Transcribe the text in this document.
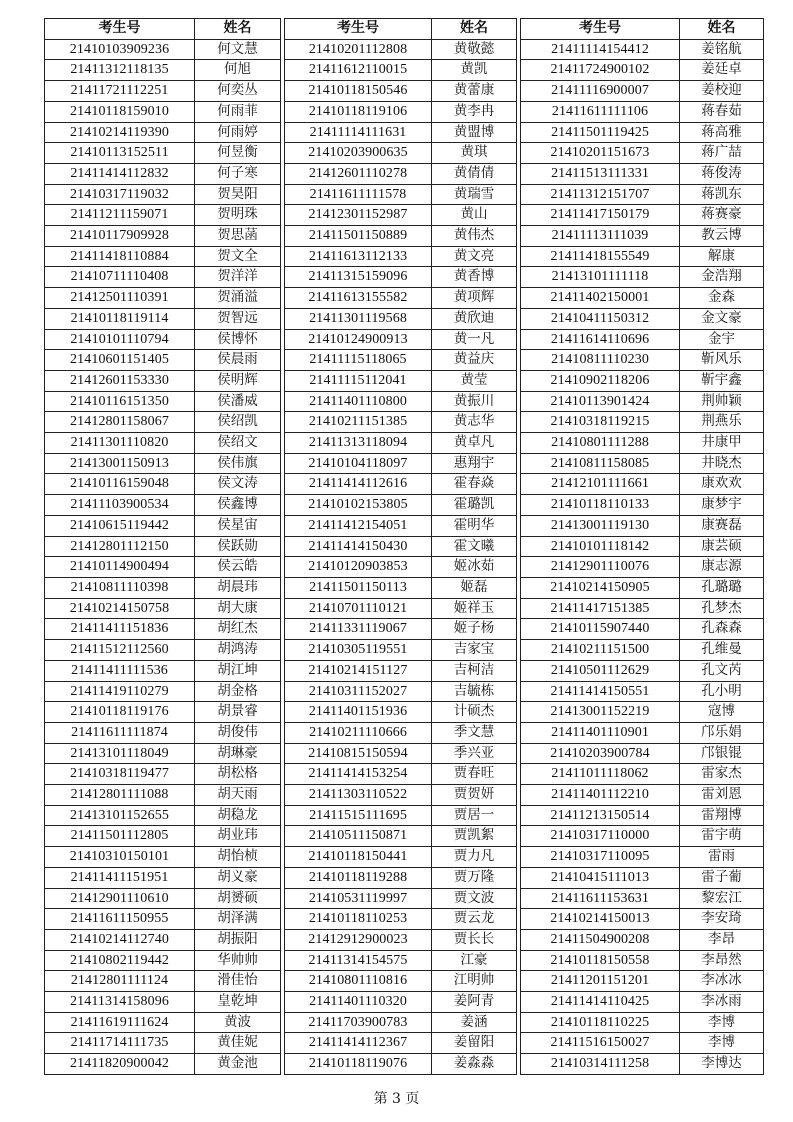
考生号	姓名
21410103909236	何文慧
21411312118135	何旭
21411721112251	何奕丛
21410118159010	何雨菲
21410214119390	何雨婷
21410113152511	何昱衡
21411414112832	何子寒
21410317119032	贺昊阳
21411211159071	贺明珠
21410117909928	贺思菡
21411418110884	贺文全
21410711110408	贺洋洋
21412501110391	贺涌溢
21410118119114	贺智远
21410101110794	侯博怀
21410601151405	侯晨雨
21412601153330	侯明辉
21410116151350	侯潘威
21412801158067	侯绍凯
21411301110820	侯绍文
21413001150913	侯伟旗
21410116159048	侯文涛
21411103900534	侯鑫博
21410615119442	侯星宙
21412801112150	侯跃勋
21410114900494	侯云皓
21410811110398	胡晨玮
21410214150758	胡大康
21411411151836	胡红杰
21411512112560	胡鸿涛
21411411111536	胡江坤
21411419110279	胡金格
21410118119176	胡景睿
21411611111874	胡俊伟
21413101118049	胡琳豪
21410318119477	胡松格
21412801111088	胡天雨
21413101152655	胡稳龙
21411501112805	胡业玮
21410310150101	胡怡桢
21411411151951	胡义豪
21412901110610	胡赟硕
21411611150955	胡泽满
21410214112740	胡振阳
21410802119442	华帅帅
21412801111124	滑佳怡
21411314158096	皇乾坤
21411619111624	黄波
21411714111735	黄佳妮
21411820900042	黄金池
考生号	姓名
21410201112808	黄敬懿
21411612110015	黄凯
21410118150546	黄蕾康
21410118119106	黄李冉
21411114111631	黄盟博
21410203900635	黄琪
21412601110278	黄倩倩
21411611111578	黄瑞雪
21412301152987	黄山
21411501150889	黄伟杰
21411613112133	黄文亮
21411315159096	黄香博
21411613155582	黄项辉
21411301119568	黄欣迪
21410124900913	黄一凡
21411115118065	黄益庆
21411115112041	黄莹
21411401110800	黄振川
21410211151385	黄志华
21411313118094	黄卓凡
21410104118097	惠翔宇
21411414112616	霍春焱
21410102153805	霍璐凯
21411412154051	霍明华
21411414150430	霍文曦
21410120903853	姬冰茹
21411501150113	姬磊
21410701110121	姬祥玉
21411331119067	姬子杨
21410305119551	吉家宝
21410214151127	吉柯洁
21410311152027	吉毓栋
21411401151936	计硕杰
21410211110666	季文慧
21410815150594	季兴亚
21411414153254	贾春旺
21411303110522	贾贺妍
21411515111695	贾居一
21410511150871	贾凯絮
21410118150441	贾力凡
21410118119288	贾万隆
21410531119997	贾文波
21410118110253	贾云龙
21412912900023	贾长长
21411314154575	江豪
21410801110816	江明帅
21411401110320	姜阿青
21411703900783	姜涵
21411414112367	姜留阳
21410118119076	姜淼淼
考生号	姓名
21411114154412	姜铭航
21411724900102	姜廷卓
21411116900007	姜校迎
21411611111106	蒋春茹
21411501119425	蒋高雅
21410201151673	蒋广喆
21411513111331	蒋俊涛
21411312151707	蒋凯东
21411417150179	蒋赛豪
21411113111039	教云博
21411418155549	解康
21413101111118	金浩翔
21411402150001	金森
21410411150312	金文豪
21411614110696	金宇
21410811110230	靳风乐
21410902118206	靳宇鑫
21410113901424	荆帅颖
21410318119215	荆燕乐
21410801111288	井康甲
21410811158085	井晓杰
21412101111661	康欢欢
21410118110133	康梦宇
21413001119130	康赛磊
21410101118142	康芸硕
21412901110076	康志源
21410214150905	孔璐璐
21411417151385	孔梦杰
21410115907440	孔森森
21410211151500	孔维曼
21410501112629	孔文芮
21411414150551	孔小明
21413001152219	寇博
21411401110901	邝乐娟
21410203900784	邝银锟
21411011118062	雷家杰
21411401112210	雷刘恩
21411213150514	雷翔博
21410317110000	雷宇萌
21410317110095	雷雨
21410415111013	雷子葡
21411611153631	黎宏江
21410214150013	李安琦
21411504900208	李昂
21410118150558	李昂然
21411201151201	李冰冰
21411414110425	李冰雨
21410118110225	李博
21411516150027	李博
21410314111258	李博达
第 3 页
